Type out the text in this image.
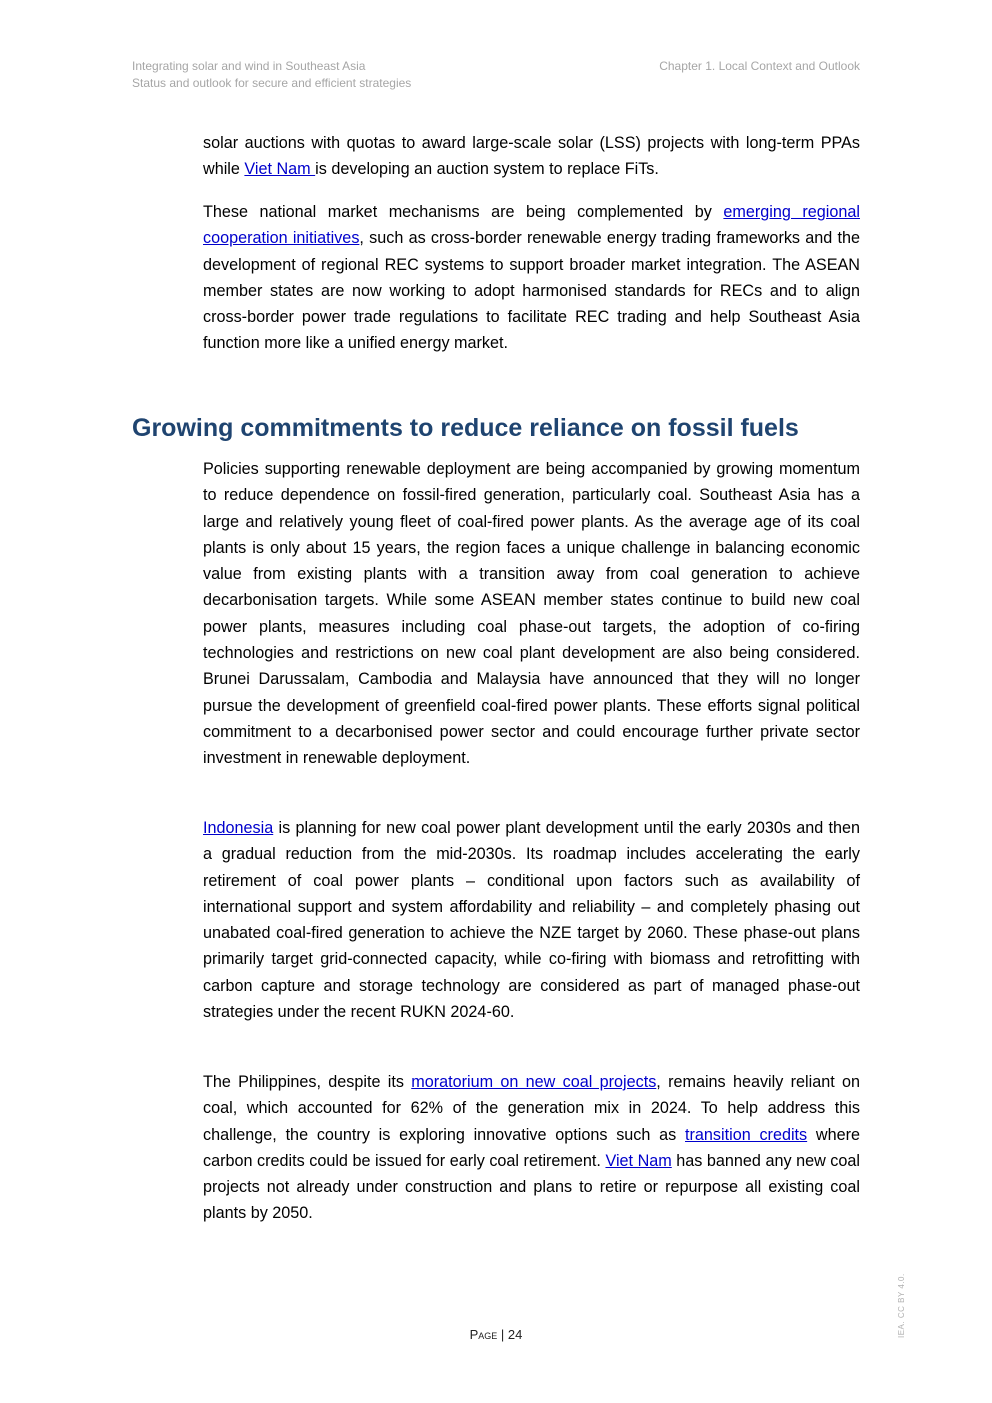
Integrating solar and wind in Southeast Asia
Status and outlook for secure and efficient strategies
Chapter 1. Local Context and Outlook

solar auctions with quotas to award large-scale solar (LSS) projects with long-term PPAs while Viet Nam is developing an auction system to replace FiTs.

These national market mechanisms are being complemented by emerging regional cooperation initiatives, such as cross-border renewable energy trading frameworks and the development of regional REC systems to support broader market integration. The ASEAN member states are now working to adopt harmonised standards for RECs and to align cross-border power trade regulations to facilitate REC trading and help Southeast Asia function more like a unified energy market.

Growing commitments to reduce reliance on fossil fuels

Policies supporting renewable deployment are being accompanied by growing momentum to reduce dependence on fossil-fired generation, particularly coal. Southeast Asia has a large and relatively young fleet of coal-fired power plants. As the average age of its coal plants is only about 15 years, the region faces a unique challenge in balancing economic value from existing plants with a transition away from coal generation to achieve decarbonisation targets. While some ASEAN member states continue to build new coal power plants, measures including coal phase-out targets, the adoption of co-firing technologies and restrictions on new coal plant development are also being considered. Brunei Darussalam, Cambodia and Malaysia have announced that they will no longer pursue the development of greenfield coal-fired power plants. These efforts signal political commitment to a decarbonised power sector and could encourage further private sector investment in renewable deployment.

Indonesia is planning for new coal power plant development until the early 2030s and then a gradual reduction from the mid-2030s. Its roadmap includes accelerating the early retirement of coal power plants – conditional upon factors such as availability of international support and system affordability and reliability – and completely phasing out unabated coal-fired generation to achieve the NZE target by 2060. These phase-out plans primarily target grid-connected capacity, while co-firing with biomass and retrofitting with carbon capture and storage technology are considered as part of managed phase-out strategies under the recent RUKN 2024-60.

The Philippines, despite its moratorium on new coal projects, remains heavily reliant on coal, which accounted for 62% of the generation mix in 2024. To help address this challenge, the country is exploring innovative options such as transition credits where carbon credits could be issued for early coal retirement. Viet Nam has banned any new coal projects not already under construction and plans to retire or repurpose all existing coal plants by 2050.

Page | 24	IEA. CC BY 4.0.
